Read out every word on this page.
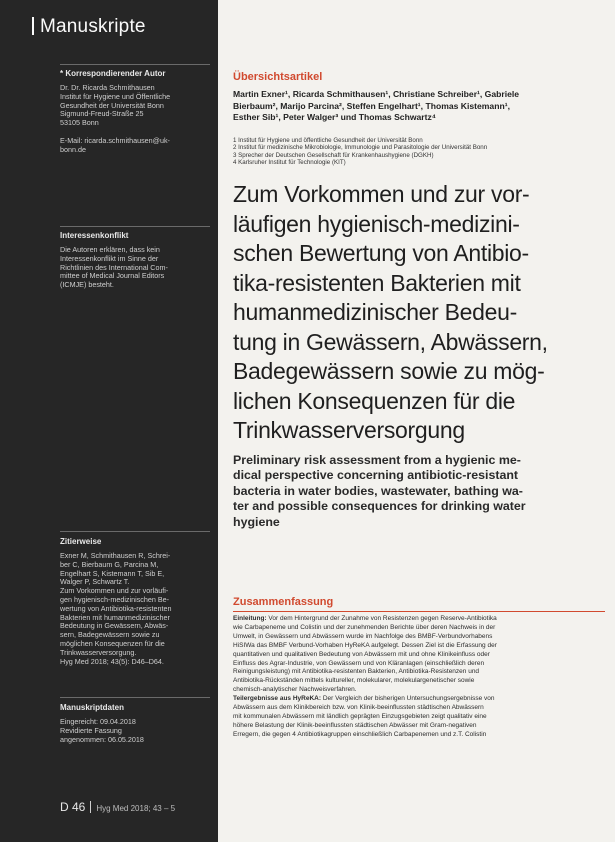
Manuskripte
* Korrespondierender Autor
Dr. Dr. Ricarda Schmithausen
Institut für Hygiene und Öffentliche
Gesundheit der Universität Bonn
Sigmund-Freud-Straße 25
53105 Bonn

E-Mail: ricarda.schmithausen@uk-
bonn.de
Interessenkonflikt
Die Autoren erklären, dass kein
Interessenkonflikt im Sinne der
Richtlinien des International Com-
mittee of Medical Journal Editors
(ICMJE) besteht.
Zitierweise
Exner M, Schmithausen R, Schrei-
ber C, Bierbaum G, Parcina M,
Engelhart S, Kistemann T, Sib E,
Walger P, Schwartz T.
Zum Vorkommen und zur vorläufi-
gen hygienisch-medizinischen Be-
wertung von Antibiotika-resistenten
Bakterien mit humanmedizinischer
Bedeutung in Gewässern, Abwäs-
sern, Badegewässern sowie zu
möglichen Konsequenzen für die
Trinkwasserversorgung.
Hyg Med 2018; 43(5): D46–D64.
Manuskriptdaten
Eingereicht: 09.04.2018
Revidierte Fassung
angenommen: 06.05.2018
D 46 Hyg Med 2018; 43 – 5
Übersichtsartikel
Martin Exner¹, Ricarda Schmithausen¹, Christiane Schreiber¹, Gabriele
Bierbaum², Marijo Parcina², Steffen Engelhart¹, Thomas Kistemann¹,
Esther Sib¹, Peter Walger³ und Thomas Schwartz⁴
1 Institut für Hygiene und öffentliche Gesundheit der Universität Bonn
2 Institut für medizinische Mikrobiologie, Immunologie und Parasitologie der Universität Bonn
3 Sprecher der Deutschen Gesellschaft für Krankenhaushygiene (DGKH)
4 Karlsruher Institut für Technologie (KIT)
Zum Vorkommen und zur vor-
läufigen hygienisch-medizini-
schen Bewertung von Antibio-
tika-resistenten Bakterien mit
humanmedizinischer Bedeu-
tung in Gewässern, Abwässern,
Badegewässern sowie zu mög-
lichen Konsequenzen für die
Trinkwasserversorgung
Preliminary risk assessment from a hygienic me-
dical perspective concerning antibiotic-resistant
bacteria in water bodies, wastewater, bathing wa-
ter and possible consequences for drinking water
hygiene
Zusammenfassung
Einleitung: Vor dem Hintergrund der Zunahme von Resistenzen gegen Reserve-Antibiotika
wie Carbapeneme und Colistin und der zunehmenden Berichte über deren Nachweis in der
Umwelt, in Gewässern und Abwässern wurde im Nachfolge des BMBF-Verbundvorhabens
HiSIWa das BMBF Verbund-Vorhaben HyReKA aufgelegt. Dessen Ziel ist die Erfassung der
quantitativen und qualitativen Bedeutung von Abwässern mit und ohne Klinikeinfluss oder
Einfluss des Agrar-Industrie, von Gewässern und von Kläranlagen (einschließlich deren
Reinigungsleistung) mit Antibiotika-resistenten Bakterien, Antibiotika-Resistenzen und
Antibiotika-Rückständen mittels kultureller, molekularer, molekulargenetischer sowie
chemisch-analytischer Nachweisverfahren.
Teilergebnisse aus HyReKA: Der Vergleich der bisherigen Untersuchungsergebnisse von
Abwässern aus dem Klinikbereich bzw. von Klinik-beeinflussten städtischen Abwässern
mit kommunalen Abwässern mit ländlich geprägten Einzugsgebieten zeigt qualitativ eine
höhere Belastung der Klinik-beeinflussten städtischen Abwässer mit Gram-negativen
Erregern, die gegen 4 Antibiotikagruppen einschließlich Carbapenemen und z.T. Colistin
